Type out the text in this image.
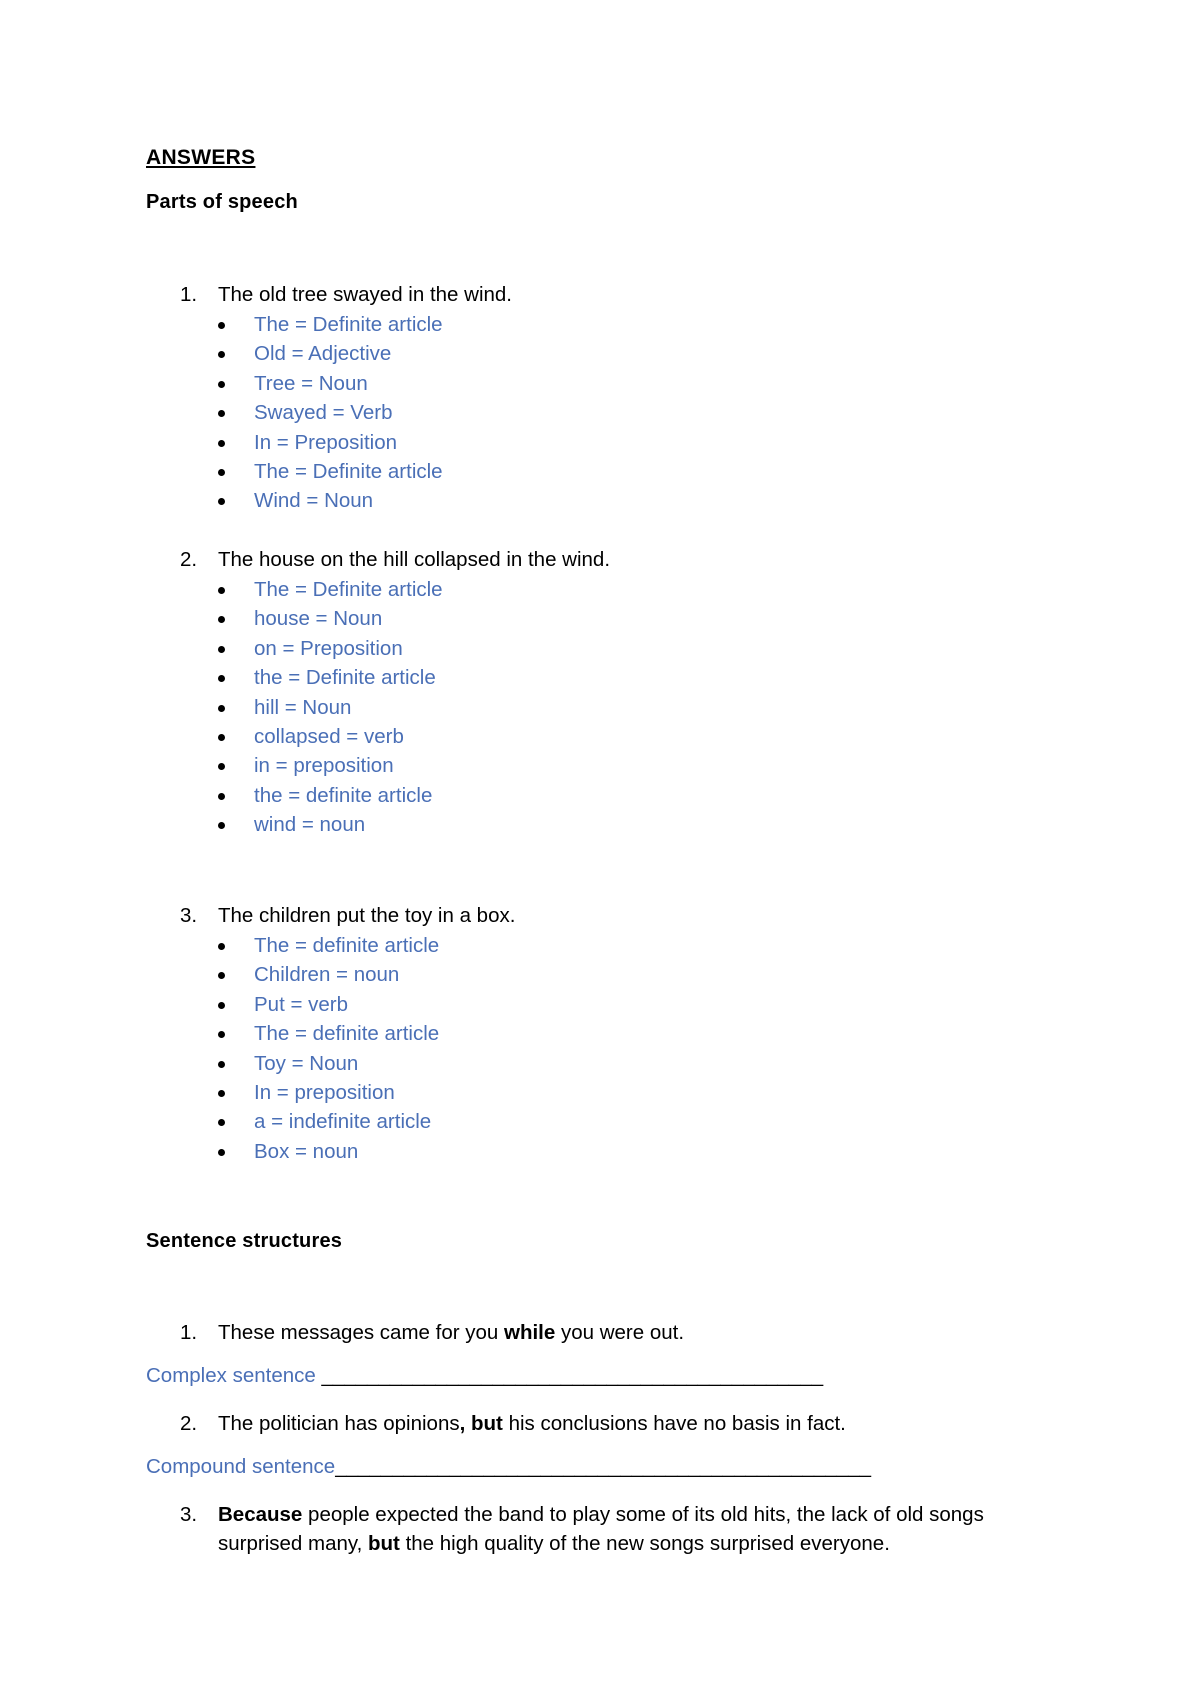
ANSWERS
Parts of speech
1. The old tree swayed in the wind.
The = Definite article
Old = Adjective
Tree = Noun
Swayed = Verb
In = Preposition
The = Definite article
Wind = Noun
2. The house on the hill collapsed in the wind.
The = Definite article
house = Noun
on = Preposition
the = Definite article
hill = Noun
collapsed = verb
in = preposition
the = definite article
wind = noun
3. The children put the toy in a box.
The = definite article
Children = noun
Put = verb
The = definite article
Toy = Noun
In = preposition
a = indefinite article
Box = noun
Sentence structures
1. These messages came for you while you were out.
Complex sentence ____________________________________________
2. The politician has opinions, but his conclusions have no basis in fact.
Compound sentence_______________________________________________
3. Because people expected the band to play some of its old hits, the lack of old songs
surprised many, but the high quality of the new songs surprised everyone.
